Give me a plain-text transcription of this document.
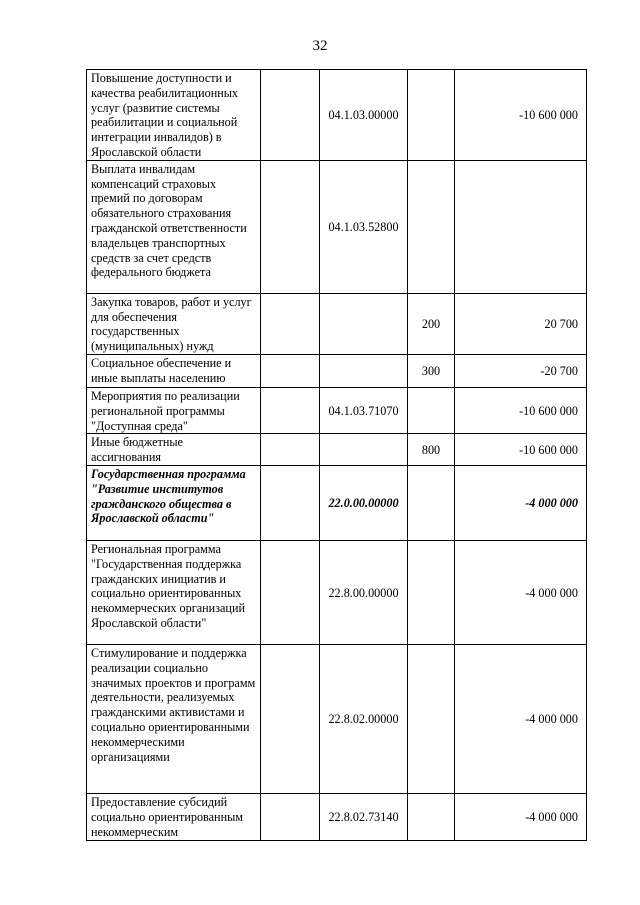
32
Повышение доступности и качества реабилитационных услуг (развитие системы реабилитации и социальной интеграции инвалидов) в Ярославской области		04.1.03.00000		-10 600 000
Выплата инвалидам компенсаций страховых премий по договорам обязательного страхования гражданской ответственности владельцев транспортных средств за счет средств федерального бюджета		04.1.03.52800		
Закупка товаров, работ и услуг для обеспечения государственных (муниципальных) нужд			200	20 700
Социальное обеспечение и иные выплаты населению			300	-20 700
Мероприятия по реализации региональной программы "Доступная среда"		04.1.03.71070		-10 600 000
Иные бюджетные ассигнования			800	-10 600 000
Государственная программа "Развитие институтов гражданского общества в Ярославской области"		22.0.00.00000		-4 000 000
Региональная программа "Государственная поддержка гражданских инициатив и социально ориентированных некоммерческих организаций Ярославской области"		22.8.00.00000		-4 000 000
Стимулирование и поддержка реализации социально значимых проектов и программ деятельности, реализуемых гражданскими активистами и социально ориентированными некоммерческими организациями		22.8.02.00000		-4 000 000
Предоставление субсидий социально ориентированным некоммерческим		22.8.02.73140		-4 000 000
